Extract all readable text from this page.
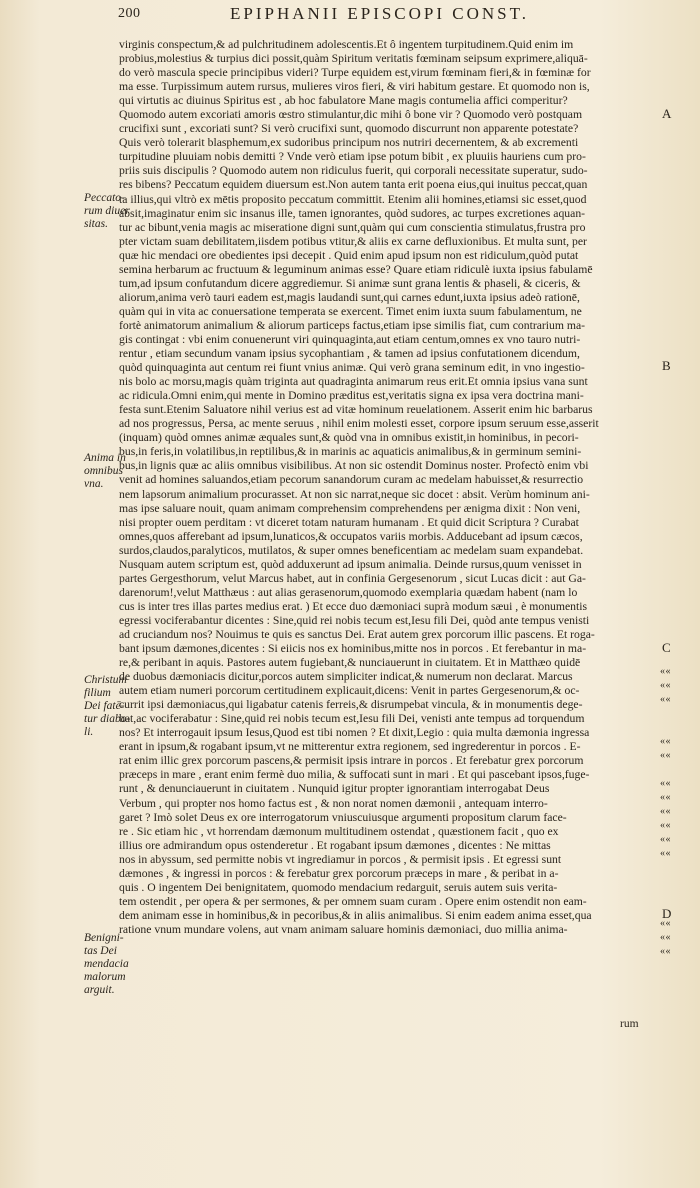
200	EPIPHANII EPISCOPI CONST.
virginis conspectum,& ad pulchritudinem adolescentis.Et ô ingentem turpitudinem.Quid enim im
probius,molestius & turpius dici possit,quàm Spiritum veritatis fœminam seipsum exprimere,aliquā-
do verò mascula specie principibus videri? Turpe equidem est,virum fœminam fieri,& in fœminæ for
ma esse. Turpissimum autem rursus, mulieres viros fieri, & viri habitum gestare. Et quomodo non is,
qui virtutis ac diuinus Spiritus est , ab hoc fabulatore Mane magis contumelia affici comperitur?
Quomodo autem excoriati amoris œstro stimulantur,dic mihi ô bone vir ? Quomodo verò postquam
crucifixi sunt , excoriati sunt? Si verò crucifixi sunt, quomodo discurrunt non apparente potestate?
Quis verò tolerarit blasphemum,ex sudoribus principum nos nutriri decernentem, & ab excrementi
turpitudine pluuiam nobis demitti ? Vnde verò etiam ipse potum bibit , ex pluuiis hauriens cum pro-
priis suis discipulis ? Quomodo autem non ridiculus fuerit, qui corporali necessitate superatur, sudo-
res bibens? Peccatum equidem diuersum est.Non autem tanta erit poena eius,qui inuitus peccat,quan
ta illius,qui vltrò ex mētis proposito peccatum committit. Etenim alii homines,etiamsi sic esset,quod
absit,imaginatur enim sic insanus ille, tamen ignorantes, quòd sudores, ac turpes excretiones aquan-
tur ac bibunt,venia magis ac miseratione digni sunt,quàm qui cum conscientia stimulatus,frustra pro
pter victam suam debilitatem,iisdem potibus vtitur,& aliis ex carne defluxionibus. Et multa sunt, per
quæ hic mendaci ore obedientes ipsi decepit . Quid enim apud ipsum non est ridiculum,quòd putat
semina herbarum ac fructuum & leguminum animas esse? Quare etiam ridiculè iuxta ipsius fabulamē
tum,ad ipsum confutandum dicere aggrediemur. Si animæ sunt grana lentis & phaseli, & ciceris, &
aliorum,anima verò tauri eadem est,magis laudandi sunt,qui carnes edunt,iuxta ipsius adeò rationē,
quàm qui in vita ac conuersatione temperata se exercent. Timet enim iuxta suum fabulamentum, ne
fortè animatorum animalium & aliorum particeps factus,etiam ipse similis fiat, cum contrarium ma-
gis contingat : vbi enim conuenerunt viri quinquaginta,aut etiam centum,omnes ex vno tauro nutri-
rentur , etiam secundum vanam ipsius sycophantiam , & tamen ad ipsius confutationem dicendum,
quòd quinquaginta aut centum rei fiunt vnius animæ. Qui verò grana seminum edit, in vno ingestio-
nis bolo ac morsu,magis quàm triginta aut quadraginta animarum reus erit.Et omnia ipsius vana sunt
ac ridicula.Omni enim,qui mente in Domino præditus est,veritatis signa ex ipsa vera doctrina mani-
festa sunt.Etenim Saluatore nihil verius est ad vitæ hominum reuelationem. Asserit enim hic barbarus
ad nos progressus, Persa, ac mente seruus , nihil enim molesti esset, corpore ipsum seruum esse,asserit
(inquam) quòd omnes animæ æquales sunt,& quòd vna in omnibus existit,in hominibus, in pecori-
bus,in feris,in volatilibus,in reptilibus,& in marinis ac aquaticis animalibus,& in germinum semini-
bus,in lignis quæ ac aliis omnibus visibilibus. At non sic ostendit Dominus noster. Profectò enim vbi
venit ad homines saluandos,etiam pecorum sanandorum curam ac medelam habuisset,& resurrectio
nem lapsorum animalium procurasset. At non sic narrat,neque sic docet : absit. Verùm hominum ani-
mas ipse saluare nouit, quam animam comprehensim comprehendens per ænigma dixit : Non veni,
nisi propter ouem perditam : vt diceret totam naturam humanam . Et quid dicit Scriptura ? Curabat
omnes,quos afferebant ad ipsum,lunaticos,& occupatos variis morbis. Adducebant ad ipsum cæcos,
surdos,claudos,paralyticos, mutilatos, & super omnes beneficentiam ac medelam suam expandebat.
Nusquam autem scriptum est, quòd adduxerunt ad ipsum animalia. Deinde rursus,quum venisset in
partes Gergesthorum, velut Marcus habet, aut in confinia Gergesenorum , sicut Lucas dicit : aut Ga-
darenorum!,velut Matthæus : aut alias gerasenorum,quomodo exemplaria quædam habent (nam lo
cus is inter tres illas partes medius erat. ) Et ecce duo dæmoniaci suprà modum sæui , è monumentis
egressi vociferabantur dicentes : Sine,quid rei nobis tecum est,Iesu fili Dei, quòd ante tempus venisti
ad cruciandum nos? Nouimus te quis es sanctus Dei. Erat autem grex porcorum illic pascens. Et roga-
bant ipsum dæmones,dicentes : Si eiicis nos ex hominibus,mitte nos in porcos . Et ferebantur in ma-
re,& peribant in aquis. Pastores autem fugiebant,& nunciauerunt in ciuitatem. Et in Matthæo quidē
de duobus dæmoniacis dicitur,porcos autem simpliciter indicat,& numerum non declarat. Marcus
autem etiam numeri porcorum certitudinem explicauit,dicens: Venit in partes Gergesenorum,& oc-
currit ipsi dæmoniacus,qui ligabatur catenis ferreis,& disrumpebat vincula, & in monumentis dege-
bat,ac vociferabatur : Sine,quid rei nobis tecum est,Iesu fili Dei, venisti ante tempus ad torquendum
nos? Et interrogauit ipsum Iesus,Quod est tibi nomen ? Et dixit,Legio : quia multa dæmonia ingressa
erant in ipsum,& rogabant ipsum,vt ne mitterentur extra regionem, sed ingrederentur in porcos . E-
rat enim illic grex porcorum pascens,& permisit ipsis intrare in porcos . Et ferebatur grex porcorum
præceps in mare , erant enim fermè duo milia, & suffocati sunt in mari . Et qui pascebant ipsos,fuge-
runt , & denunciauerunt in ciuitatem . Nunquid igitur propter ignorantiam interrogabat Deus
Verbum , qui propter nos homo factus est , & non norat nomen dæmonii , antequam interro-
garet ? Imò solet Deus ex ore interrogatorum vniuscuiusque argumenti propositum clarum face-
re . Sic etiam hic , vt horrendam dæmonum multitudinem ostendat , quæstionem facit , quo ex
illius ore admirandum opus ostenderetur . Et rogabant ipsum dæmones , dicentes : Ne mittas
nos in abyssum, sed permitte nobis vt ingrediamur in porcos , & permisit ipsis . Et egressi sunt
dæmones , & ingressi in porcos : & ferebatur grex porcorum præceps in mare , & peribat in a-
quis . O ingentem Dei benignitatem, quomodo mendacium redarguit, seruis autem suis verita-
tem ostendit , per opera & per sermones, & per omnem suam curam . Opere enim ostendit non eam-
dem animam esse in hominibus,& in pecoribus,& in aliis animalibus. Si enim eadem anima esset,qua
ratione vnum mundare volens, aut vnam animam saluare hominis dæmoniaci, duo millia anima-
Peccato-
rum diuer
sitas.
Anima in
omnibus
vna.
Christum
filium
Dei fatē-
tur diabo-
li.
Benigni-
tas Dei
mendacia
malorum
arguit.
A
B
C
D
« «
« «
« «
« «
« «
« «
« «
« «
« «
« «
« «
« «
« «
« «
rum
